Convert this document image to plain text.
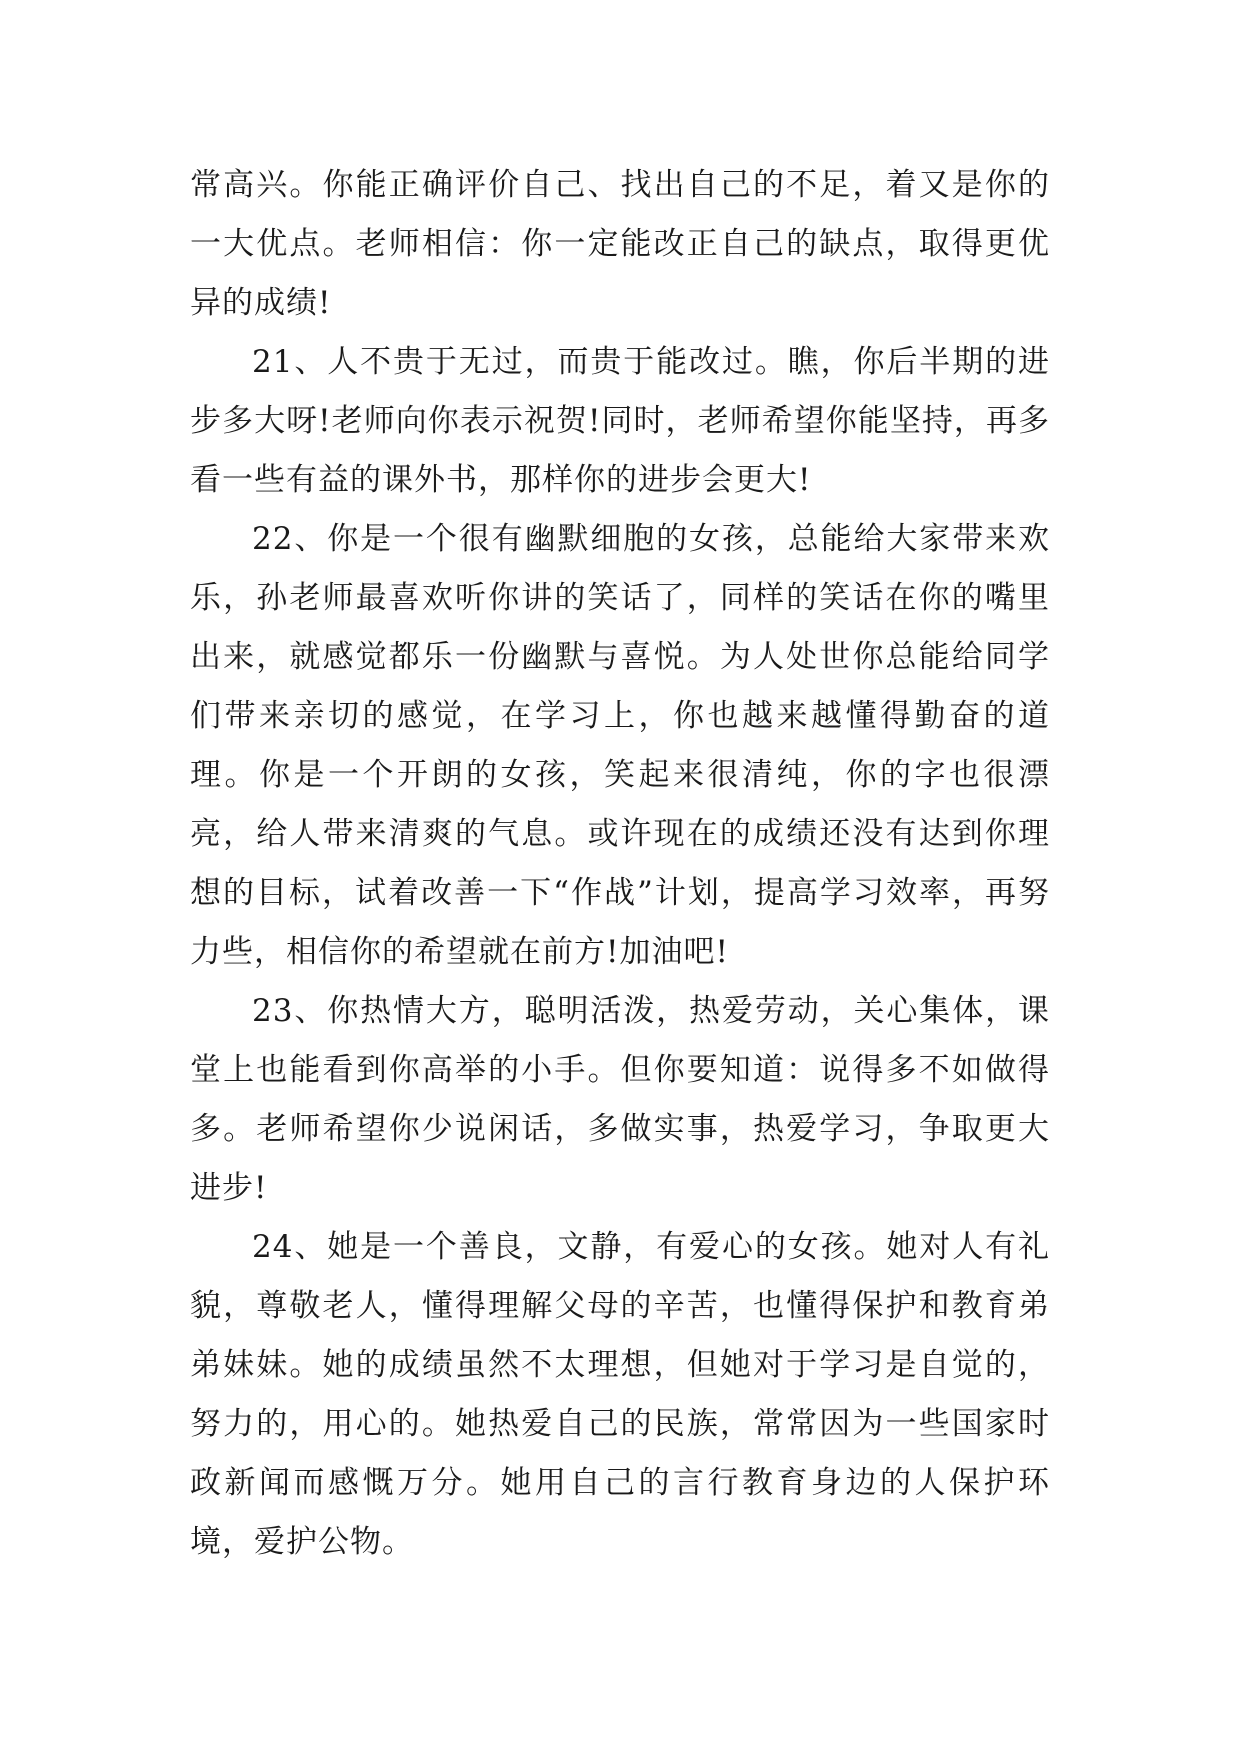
常高兴。你能正确评价自己、找出自己的不足，着又是你的一大优点。老师相信：你一定能改正自己的缺点，取得更优异的成绩!

21、人不贵于无过，而贵于能改过。瞧，你后半期的进步多大呀!老师向你表示祝贺!同时，老师希望你能坚持，再多看一些有益的课外书，那样你的进步会更大!

22、你是一个很有幽默细胞的女孩，总能给大家带来欢乐，孙老师最喜欢听你讲的笑话了，同样的笑话在你的嘴里出来，就感觉都乐一份幽默与喜悦。为人处世你总能给同学们带来亲切的感觉，在学习上，你也越来越懂得勤奋的道理。你是一个开朗的女孩，笑起来很清纯，你的字也很漂亮，给人带来清爽的气息。或许现在的成绩还没有达到你理想的目标，试着改善一下“作战”计划，提高学习效率，再努力些，相信你的希望就在前方!加油吧!

23、你热情大方，聪明活泼，热爱劳动，关心集体，课堂上也能看到你高举的小手。但你要知道：说得多不如做得多。老师希望你少说闲话，多做实事，热爱学习，争取更大进步!

24、她是一个善良，文静，有爱心的女孩。她对人有礼貌，尊敬老人，懂得理解父母的辛苦，也懂得保护和教育弟弟妹妹。她的成绩虽然不太理想，但她对于学习是自觉的，努力的，用心的。她热爱自己的民族，常常因为一些国家时政新闻而感慨万分。她用自己的言行教育身边的人保护环境，爱护公物。
